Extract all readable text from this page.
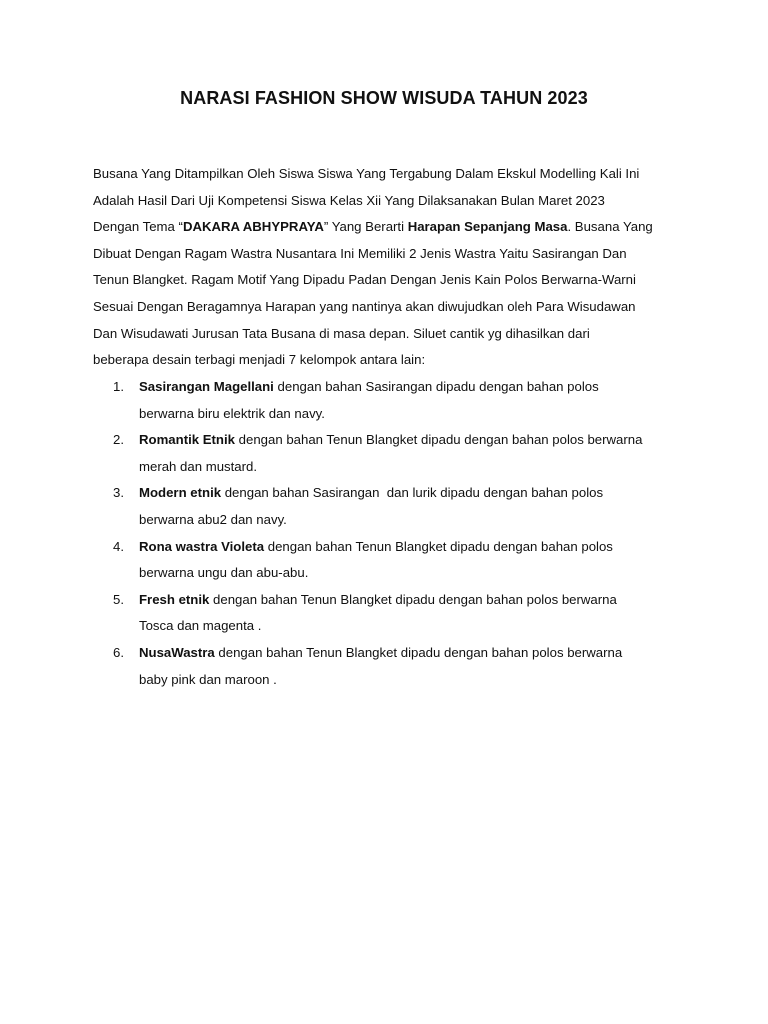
NARASI FASHION SHOW WISUDA TAHUN 2023
Busana Yang Ditampilkan Oleh Siswa Siswa Yang Tergabung Dalam Ekskul Modelling Kali Ini
Adalah Hasil Dari Uji Kompetensi Siswa Kelas Xii Yang Dilaksanakan Bulan Maret 2023
Dengan Tema “DAKARA ABHYPRAYA” Yang Berarti Harapan Sepanjang Masa. Busana Yang
Dibuat Dengan Ragam Wastra Nusantara Ini Memiliki 2 Jenis Wastra Yaitu Sasirangan Dan
Tenun Blangket. Ragam Motif Yang Dipadu Padan Dengan Jenis Kain Polos Berwarna-Warni
Sesuai Dengan Beragamnya Harapan yang nantinya akan diwujudkan oleh Para Wisudawan
Dan Wisudawati Jurusan Tata Busana di masa depan. Siluet cantik yg dihasilkan dari
beberapa desain terbagi menjadi 7 kelompok antara lain:
1. Sasirangan Magellani dengan bahan Sasirangan dipadu dengan bahan polos
berwarna biru elektrik dan navy.
2. Romantik Etnik dengan bahan Tenun Blangket dipadu dengan bahan polos berwarna
merah dan mustard.
3. Modern etnik dengan bahan Sasirangan  dan lurik dipadu dengan bahan polos
berwarna abu2 dan navy.
4. Rona wastra Violeta dengan bahan Tenun Blangket dipadu dengan bahan polos
berwarna ungu dan abu-abu.
5. Fresh etnik dengan bahan Tenun Blangket dipadu dengan bahan polos berwarna
Tosca dan magenta .
6. NusaWastra dengan bahan Tenun Blangket dipadu dengan bahan polos berwarna
baby pink dan maroon .
